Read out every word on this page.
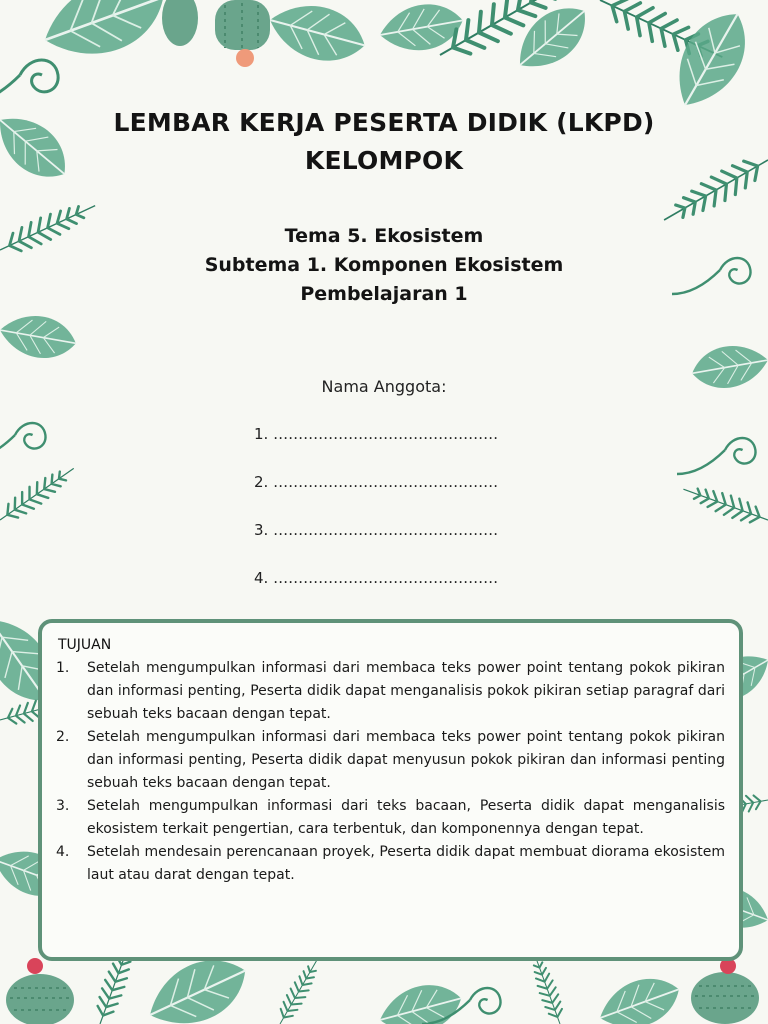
LEMBAR KERJA PESERTA DIDIK (LKPD)
KELOMPOK
Tema 5. Ekosistem
Subtema 1. Komponen Ekosistem
Pembelajaran 1
Nama Anggota:
1. ………………………………………
2. ………………………………………
3. ………………………………………
4. ………………………………………
TUJUAN
1.	Setelah mengumpulkan informasi dari membaca teks power point tentang pokok pikiran dan informasi penting, Peserta didik dapat menganalisis pokok pikiran setiap paragraf dari sebuah teks bacaan dengan tepat.
2.	Setelah mengumpulkan informasi dari membaca teks power point tentang pokok pikiran dan informasi penting, Peserta didik dapat menyusun pokok pikiran dan informasi penting sebuah teks bacaan dengan tepat.
3.	Setelah mengumpulkan informasi dari teks bacaan, Peserta didik dapat menganalisis ekosistem terkait pengertian, cara terbentuk, dan komponennya dengan tepat.
4.	Setelah mendesain perencanaan proyek, Peserta didik dapat membuat diorama ekosistem laut atau darat dengan tepat.
